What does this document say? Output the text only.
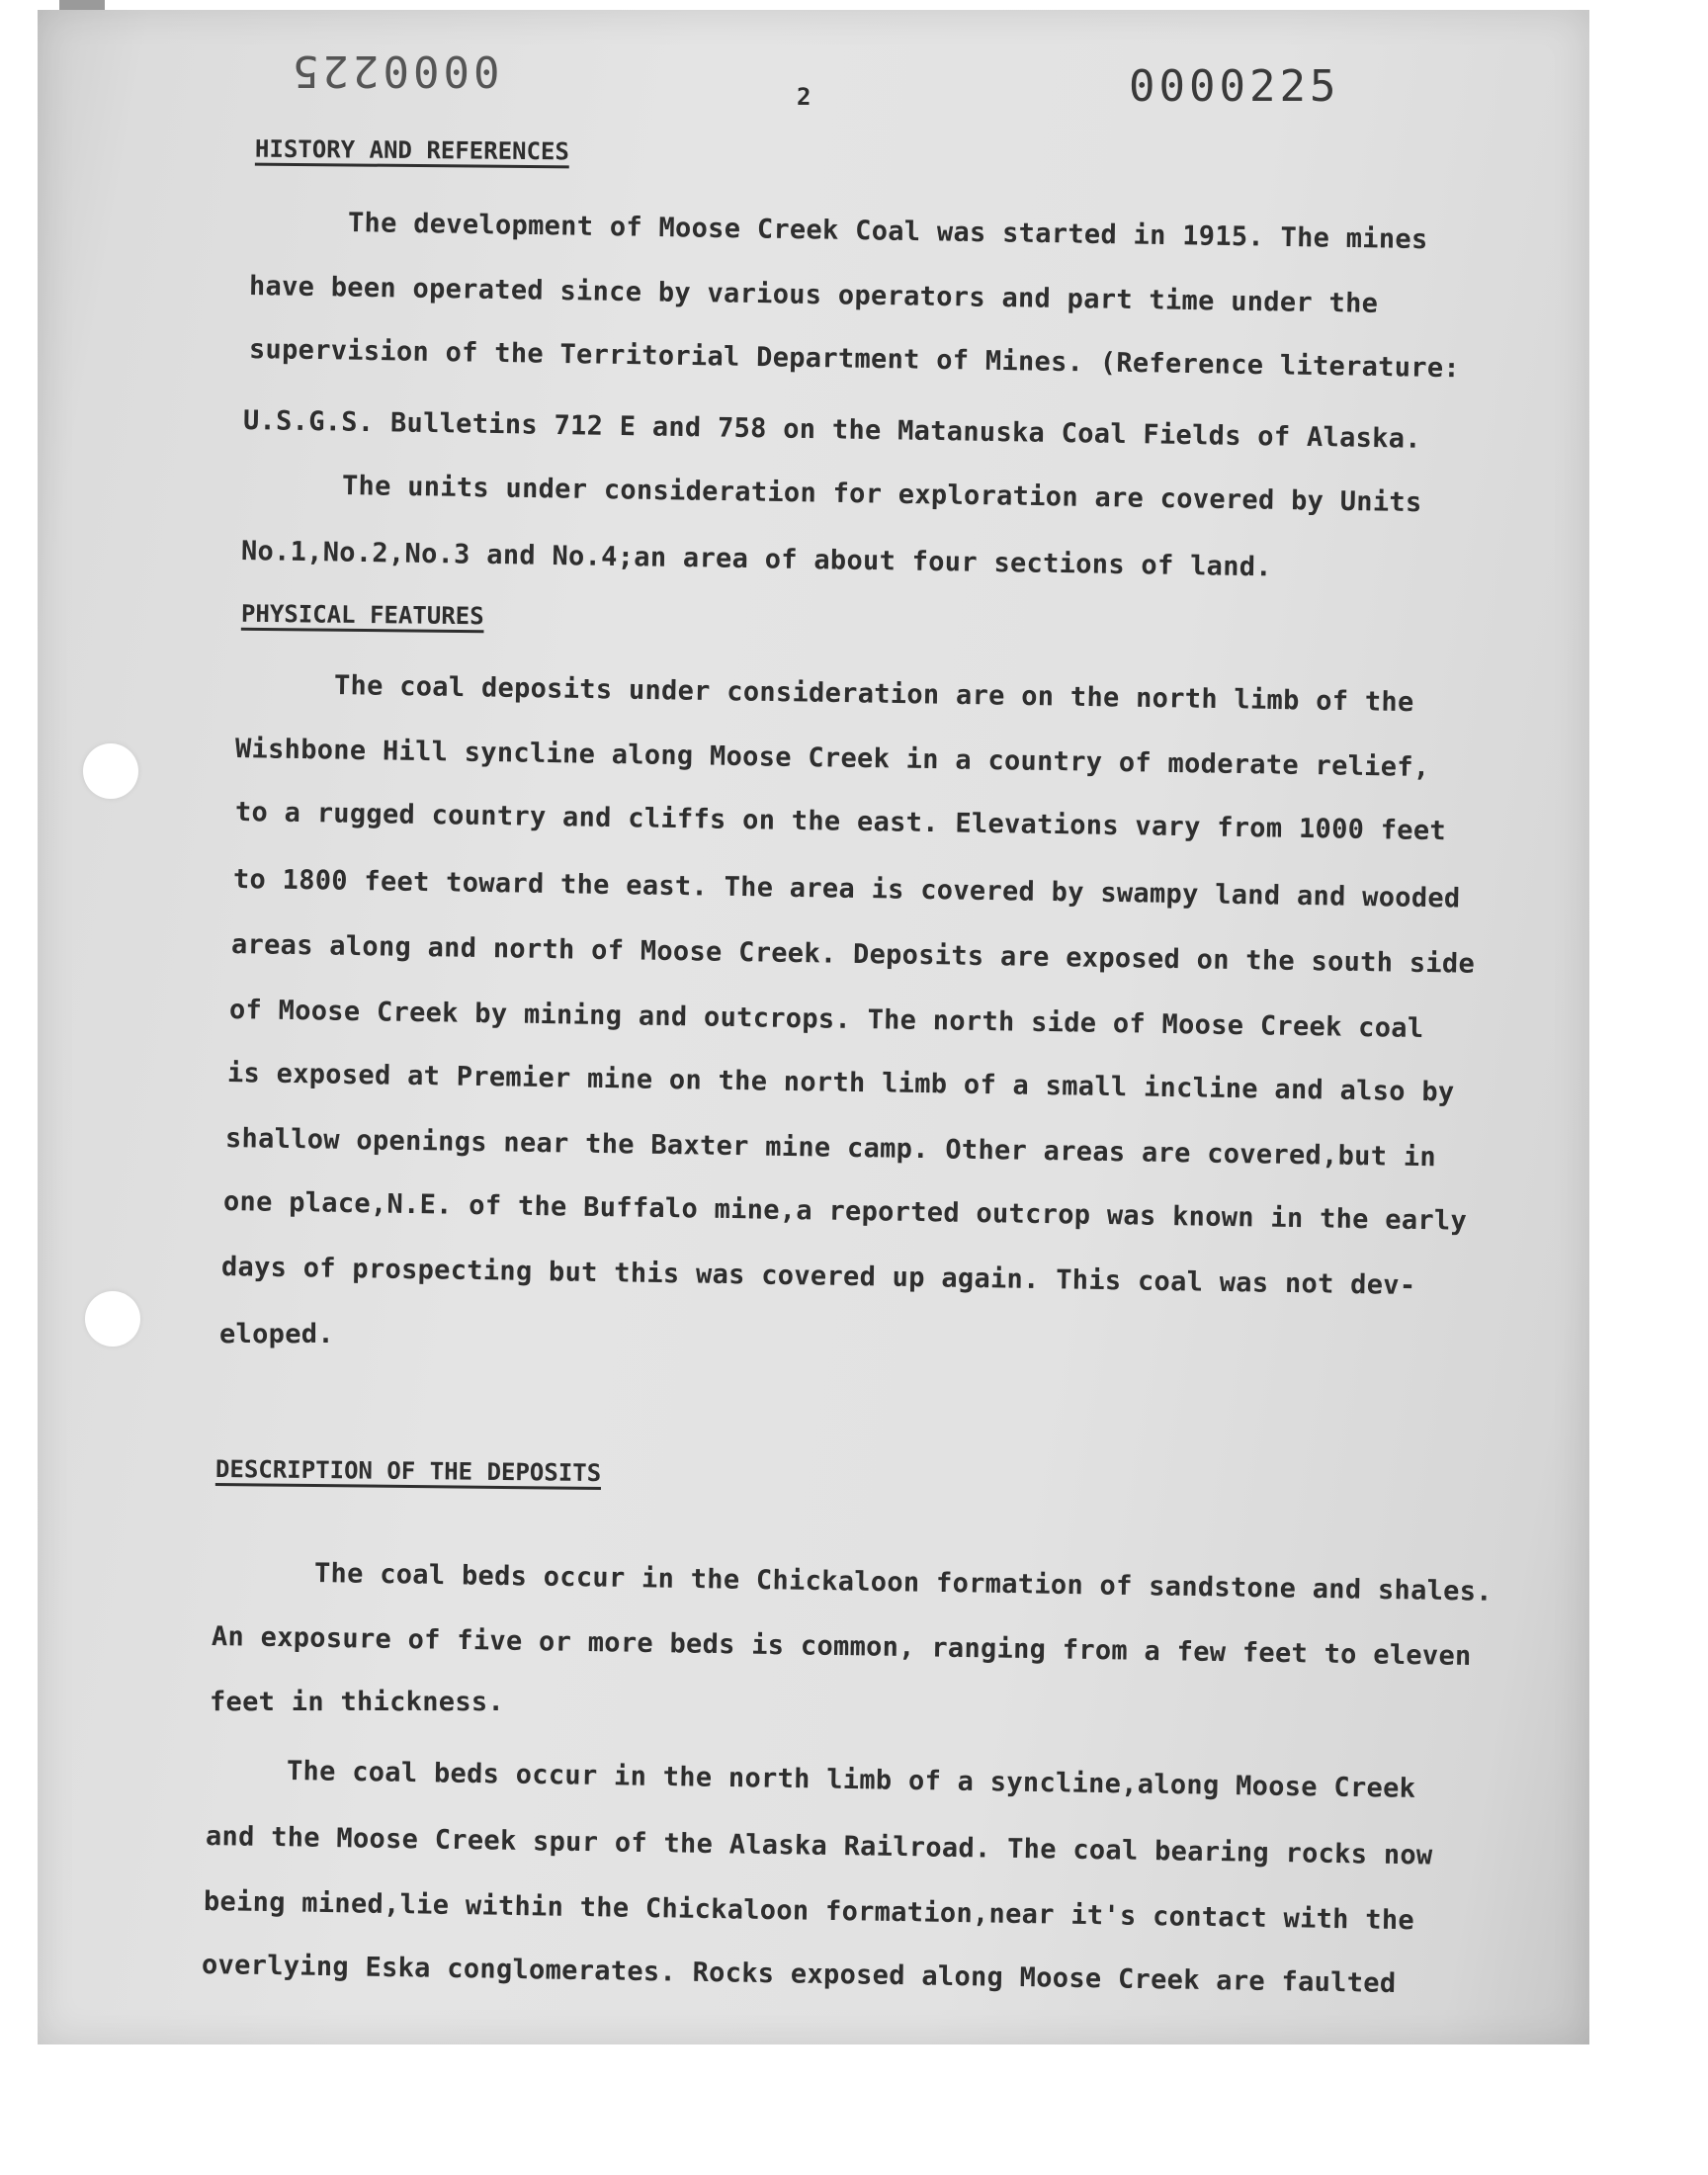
0000225
2	0000225
HISTORY AND REFERENCES
The development of Moose Creek Coal was started in 1915. The mines
have been operated since by various operators and part time under the
supervision of the Territorial Department of Mines. (Reference literature:
U.S.G.S. Bulletins 712 E and 758 on the Matanuska Coal Fields of Alaska.
The units under consideration for exploration are covered by Units
No.1,No.2,No.3 and No.4;an area of about four sections of land.
PHYSICAL FEATURES
The coal deposits under consideration are on the north limb of the
Wishbone Hill syncline along Moose Creek in a country of moderate relief,
to a rugged country and cliffs on the east. Elevations vary from 1000 feet
to 1800 feet toward the east. The area is covered by swampy land and wooded
areas along and north of Moose Creek. Deposits are exposed on the south side
of Moose Creek by mining and outcrops. The north side of Moose Creek coal
is exposed at Premier mine on the north limb of a small incline and also by
shallow openings near the Baxter mine camp. Other areas are covered,but in
one place,N.E. of the Buffalo mine,a reported outcrop was known in the early
days of prospecting but this was covered up again. This coal was not dev-
eloped.
DESCRIPTION OF THE DEPOSITS
The coal beds occur in the Chickaloon formation of sandstone and shales.
An exposure of five or more beds is common, ranging from a few feet to eleven
feet in thickness.
The coal beds occur in the north limb of a syncline,along Moose Creek
and the Moose Creek spur of the Alaska Railroad. The coal bearing rocks now
being mined,lie within the Chickaloon formation,near it's contact with the
overlying Eska conglomerates. Rocks exposed along Moose Creek are faulted
